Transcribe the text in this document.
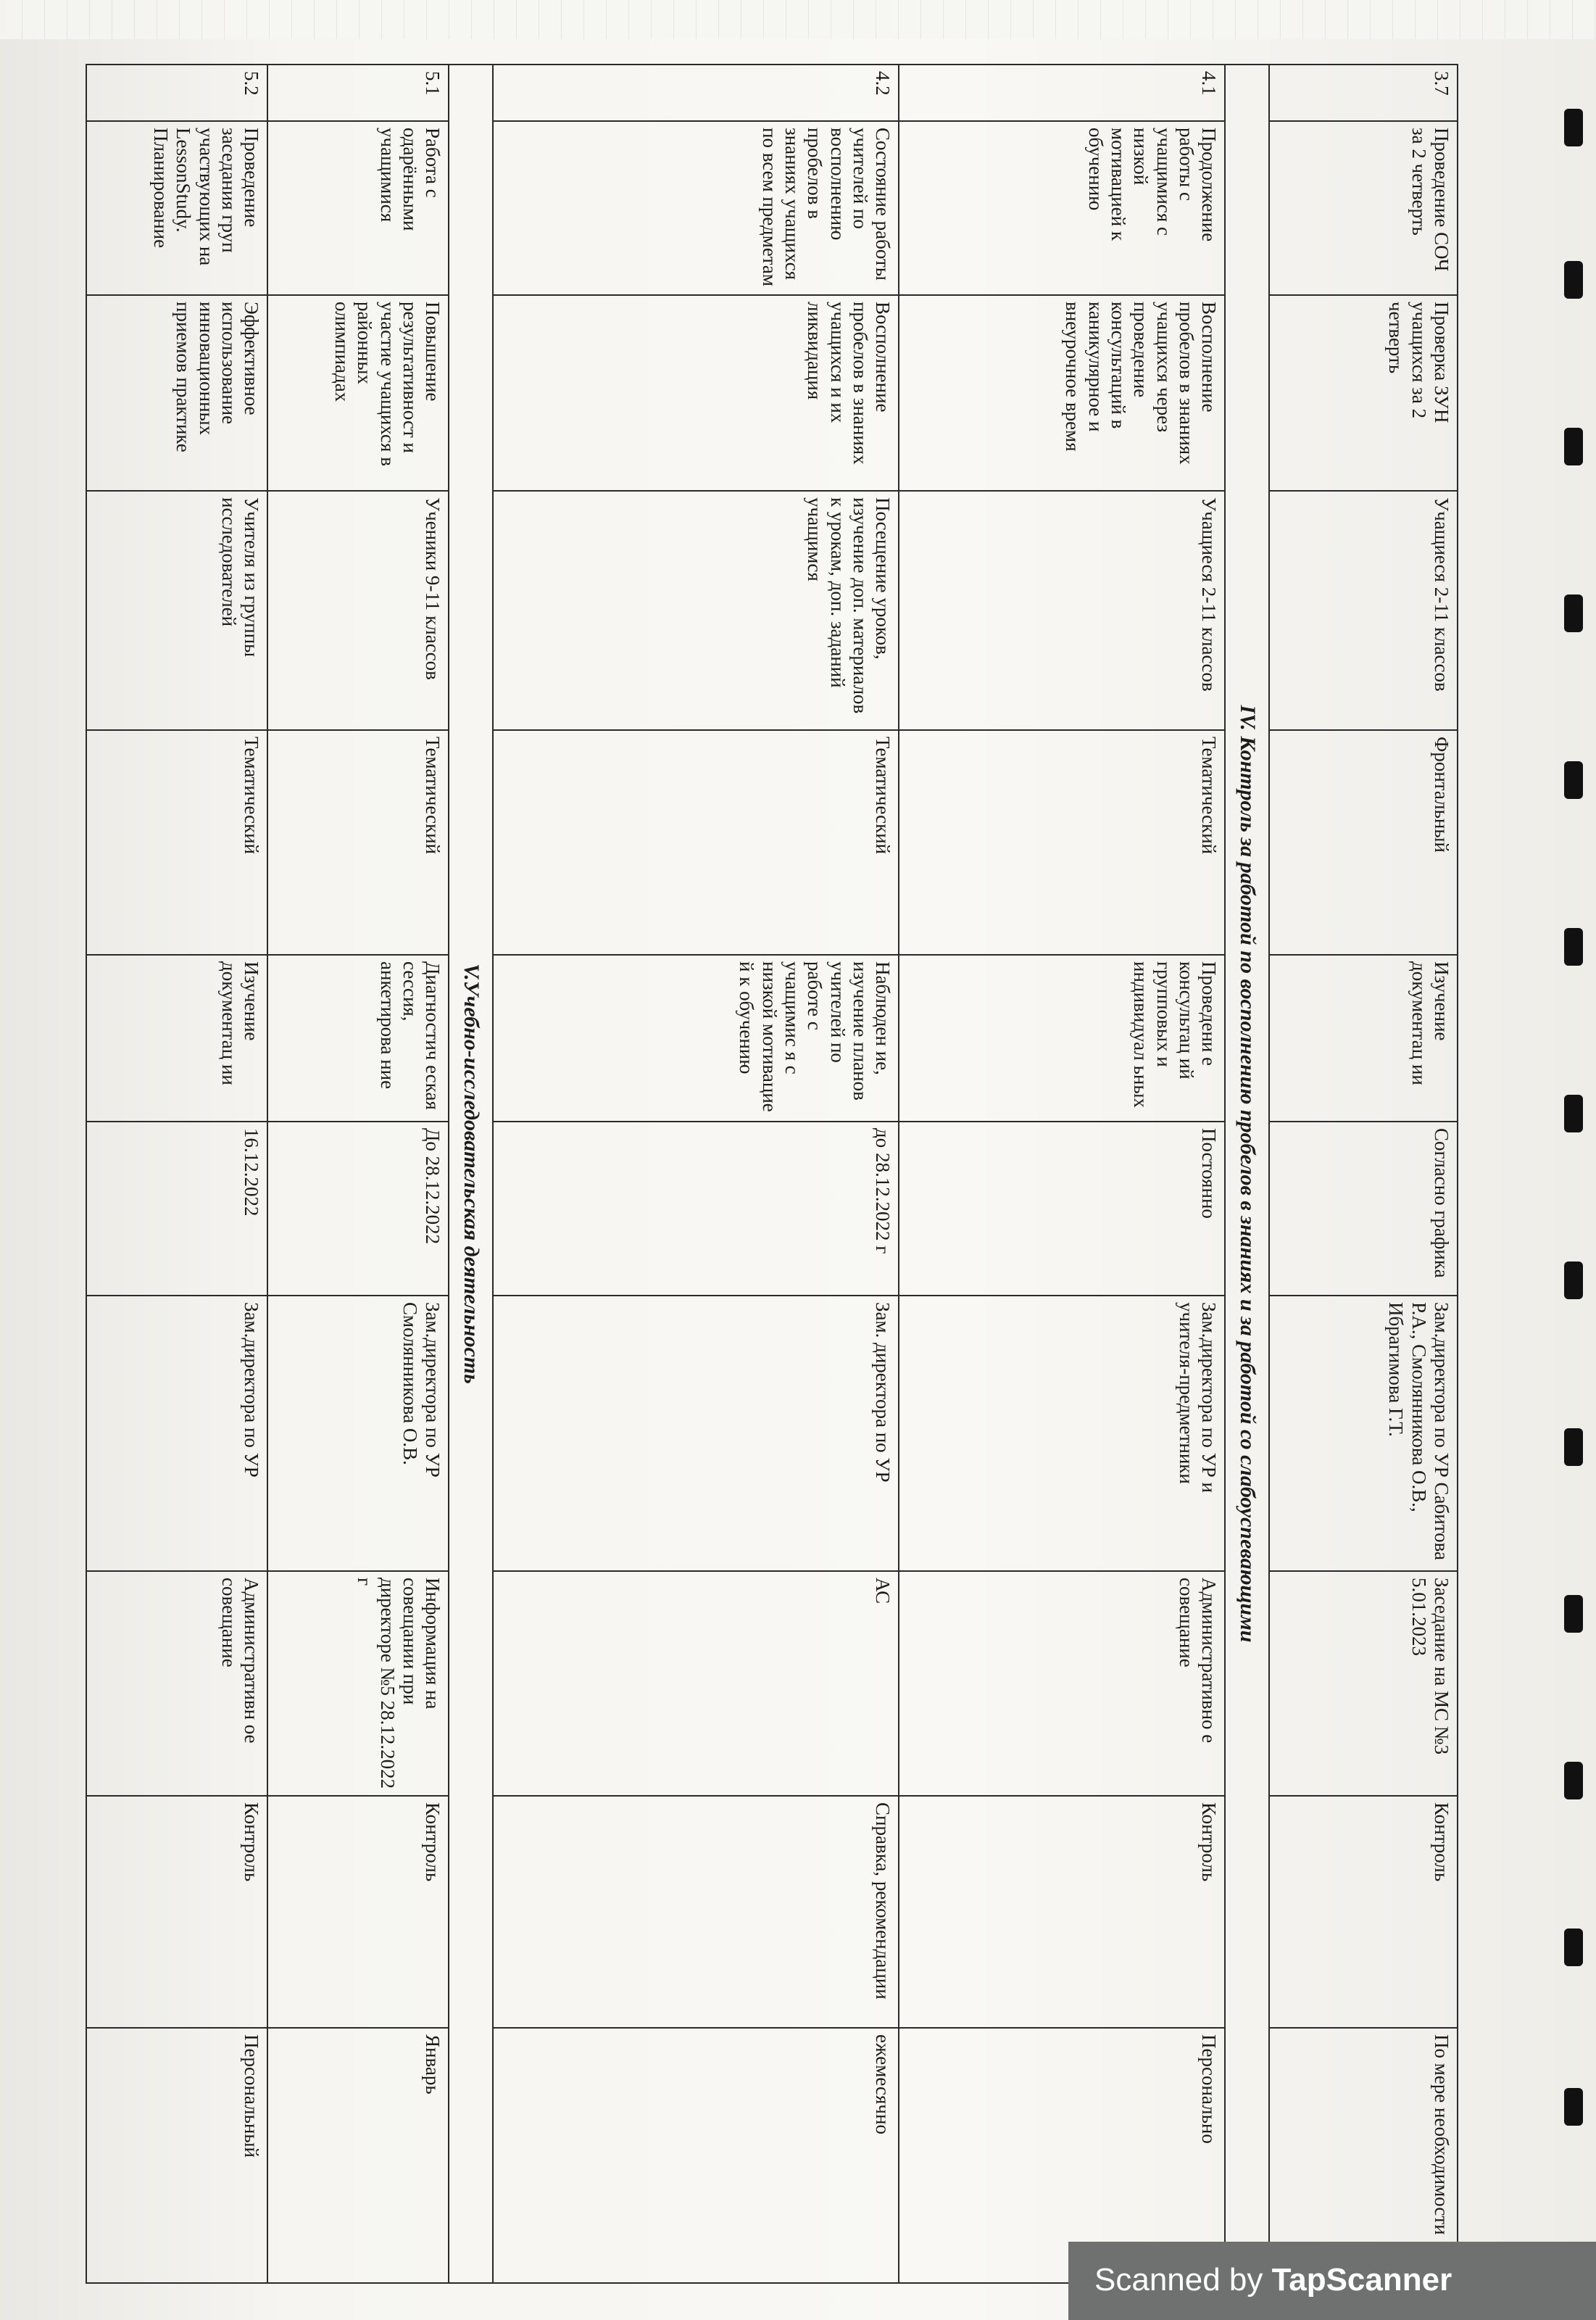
3.7	Проведение СОЧ за 2 четверть	Проверка ЗУН учащихся за 2 четверть	Учащиеся 2-11 классов	Фронтальный	Изучение документац ии	Согласно графика	Зам.директора по УР Сабитова Р.А., Смолянникова О.В., Ибрагимова Г.Т.	Заседание на МС №3 5.01.2023	Контроль	По мере необходимости
IV. Контроль за работой по восполнению пробелов в знаниях и за работой со слабоуспевающими										
4.1	Продолжение работы с учащимися с низкой мотивацией к обучению	Восполнение пробелов в знаниях учащихся через проведение консультаций в каникулярное и внеурочное время	Учащиеся 2-11 классов	Тематический	Проведени е консультац ий групповых и индивидуал ьных	Постоянно	Зам.директора по УР и учителя-предметники	Административно е совещание	Контроль	Персонально
4.2	Состояние работы учителей по восполнению пробелов в знаниях учащихся по всем предметам	Восполнение пробелов в знаниях учащихся и их ликвидация	Посещение уроков, изучение доп. материалов к урокам, доп. заданий учащимся	Тематический	Наблюден ие, изучение планов учителей по работе с учащимис я с низкой мотивацие й к обучению	до 28.12.2022 г	Зам. директора по УР	АС	Справка, рекомендации	ежемесячно
V.Учебно-исследовательская деятельность										
5.1	Работа с одарёнными учащимися	Повышение результативност и участие учащихся в районных олимпиадах	Ученики 9-11 классов	Тематический	Диагностич еская сессия, анкетирова ние	До 28.12.2022	Зам.директора по УР Смолянникова О.В.	Информация на совещании при директоре №5 28.12.2022 г	Контроль	Январь
5.2	Проведение заседания груп участвующих на LessonStudy. Планирование	Эффективное использование инновационных приемов практике	Учителя из группы исследователей	Тематический	Изучение документац ии	16.12.2022	Зам.директора по УР	Административн ое совещание	Контроль	Персональный
Scanned by TapScanner
